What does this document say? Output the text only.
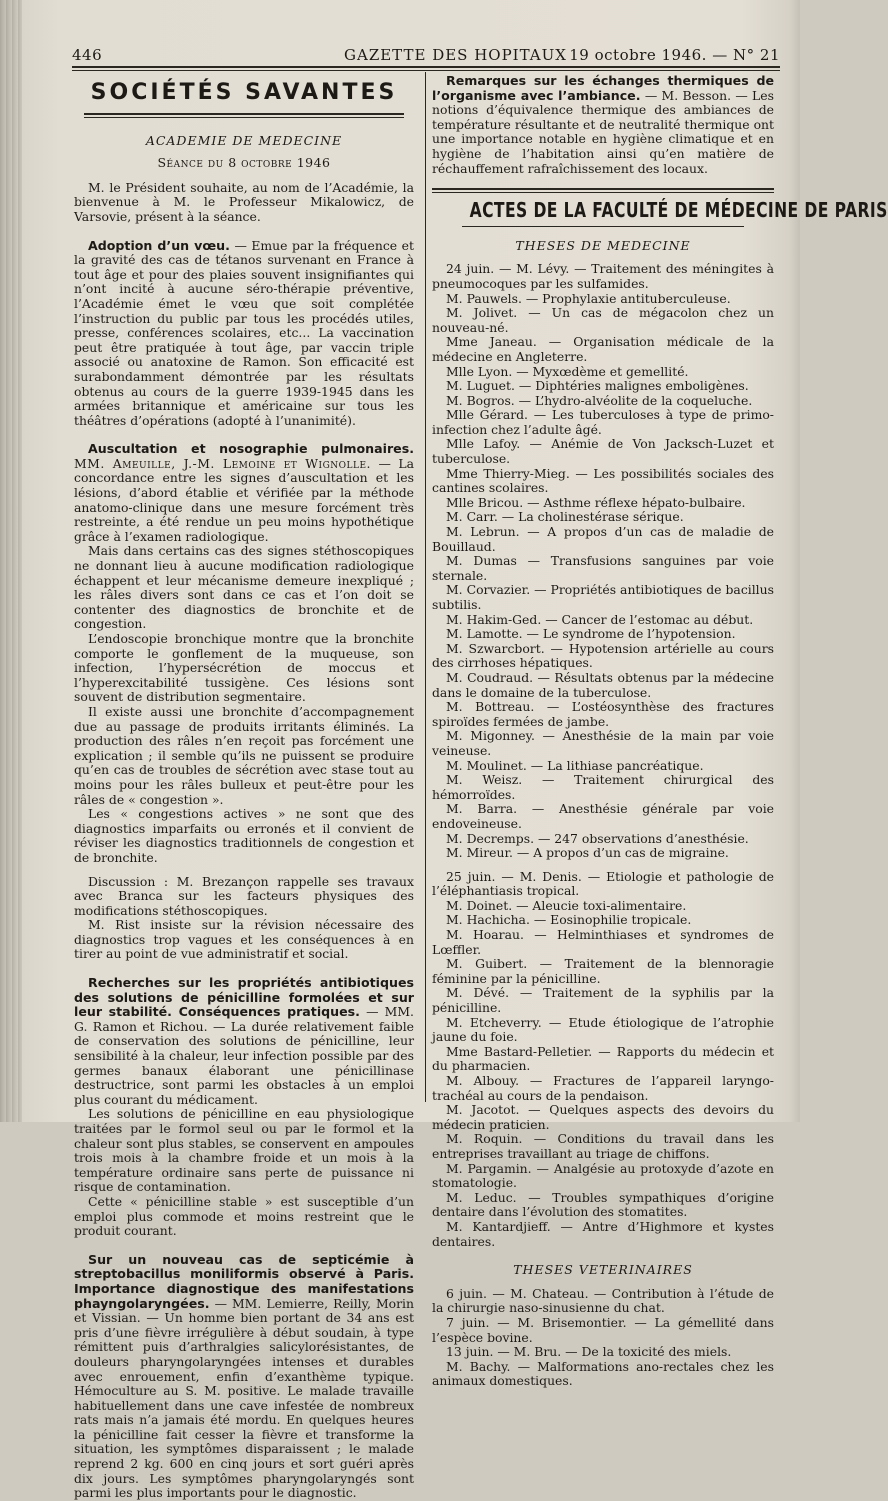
446	GAZETTE DES HOPITAUX 19 octobre 1946. — N° 21
SOCIÉTÉS SAVANTES
ACADEMIE DE MEDECINE
Séance du 8 octobre 1946

M. le Président souhaite, au nom de l’Académie, la bienvenue à M. le Professeur Mikalowicz, de Varsovie, présent à la séance.

Adoption d’un vœu. — Emue par la fréquence et la gravité des cas de tétanos survenant en France à tout âge et pour des plaies souvent insignifiantes qui n’ont incité à aucune séro-thérapie préventive, l’Académie émet le vœu que soit complétée l’instruction du public par tous les procédés utiles, presse, conférences scolaires, etc... La vaccination peut être pratiquée à tout âge, par vaccin triple associé ou anatoxine de Ramon. Son efficacité est surabondamment démontrée par les résultats obtenus au cours de la guerre 1939-1945 dans les armées britannique et américaine sur tous les théâtres d’opérations (adopté à l’unanimité).

Auscultation et nosographie pulmonaires. MM. Ameuille, J.-M. Lemoine et Wignolle. — La concordance entre les signes d’auscultation et les lésions, d’abord établie et vérifiée par la méthode anatomo-clinique dans une mesure forcément très restreinte, a été rendue un peu moins hypothétique grâce à l’examen radiologique.

Mais dans certains cas des signes stéthoscopiques ne donnant lieu à aucune modification radiologique échappent et leur mécanisme demeure inexpliqué ; les râles divers sont dans ce cas et l’on doit se contenter des diagnostics de bronchite et de congestion.

L’endoscopie bronchique montre que la bronchite comporte le gonflement de la muqueuse, son infection, l’hypersécrétion de moccus et l’hyperexcitabilité tussigène. Ces lésions sont souvent de distribution segmentaire.

Il existe aussi une bronchite d’accompagnement due au passage de produits irritants éliminés. La production des râles n’en reçoit pas forcément une explication ; il semble qu’ils ne puissent se produire qu’en cas de troubles de sécrétion avec stase tout au moins pour les râles bulleux et peut-être pour les râles de « congestion ».

Les « congestions actives » ne sont que des diagnostics imparfaits ou erronés et il convient de réviser les diagnostics traditionnels de congestion et de bronchite.

Discussion : M. Brezançon rappelle ses travaux avec Branca sur les facteurs physiques des modifications stéthoscopiques.

M. Rist insiste sur la révision nécessaire des diagnostics trop vagues et les conséquences à en tirer au point de vue administratif et social.

Recherches sur les propriétés antibiotiques des solutions de pénicilline formolées et sur leur stabilité. Conséquences pratiques. — MM. G. Ramon et Richou. — La durée relativement faible de conservation des solutions de pénicilline, leur sensibilité à la chaleur, leur infection possible par des germes banaux élaborant une pénicillinase destructrice, sont parmi les obstacles à un emploi plus courant du médicament.

Les solutions de pénicilline en eau physiologique traitées par le formol seul ou par le formol et la chaleur sont plus stables, se conservent en ampoules trois mois à la chambre froide et un mois à la température ordinaire sans perte de puissance ni risque de contamination.

Cette « pénicilline stable » est susceptible d’un emploi plus commode et moins restreint que le produit courant.

Sur un nouveau cas de septicémie à streptobacillus moniliformis observé à Paris. Importance diagnostique des manifestations phayngolaryngées. — MM. Lemierre, Reilly, Morin et Vissian. — Un homme bien portant de 34 ans est pris d’une fièvre irrégulière à début soudain, à type rémittent puis d’arthralgies salicylorésistantes, de douleurs pharyngolaryngées intenses et durables avec enrouement, enfin d’exanthème typique. Hémoculture au S. M. positive. Le malade travaille habituellement dans une cave infestée de nombreux rats mais n’a jamais été mordu. En quelques heures la pénicilline fait cesser la fièvre et transforme la situation, les symptômes disparaissent ; le malade reprend 2 kg. 600 en cinq jours et sort guéri après dix jours. Les symptômes pharyngolaryngés sont parmi les plus importants pour le diagnostic.

Remarques sur les échanges thermiques de l’organisme avec l’ambiance. — M. Besson. — Les notions d’équivalence thermique des ambiances de température résultante et de neutralité thermique ont une importance notable en hygiène climatique et en hygiène de l’habitation ainsi qu’en matière de réchauffement rafraîchissement des locaux.

ACTES DE LA FACULTÉ DE MÉDECINE DE PARIS
THESES DE MEDECINE

24 juin. — M. Lévy. — Traitement des méningites à pneumocoques par les sulfamides.

M. Pauwels. — Prophylaxie antituberculeuse.

M. Jolivet. — Un cas de mégacolon chez un nouveau-né.

Mme Janeau. — Organisation médicale de la médecine en Angleterre.

Mlle Lyon. — Myxœdème et gemellité.

M. Luguet. — Diphtéries malignes emboligènes.

M. Bogros. — L’hydro-alvéolite de la coqueluche.

Mlle Gérard. — Les tuberculoses à type de primo-infection chez l’adulte âgé.

Mlle Lafoy. — Anémie de Von Jacksch-Luzet et tuberculose.

Mme Thierry-Mieg. — Les possibilités sociales des cantines scolaires.

Mlle Bricou. — Asthme réflexe hépato-bulbaire.

M. Carr. — La cholinestérase sérique.

M. Lebrun. — A propos d’un cas de maladie de Bouillaud.

M. Dumas — Transfusions sanguines par voie sternale.

M. Corvazier. — Propriétés antibiotiques de bacillus subtilis.

M. Hakim-Ged. — Cancer de l’estomac au début.

M. Lamotte. — Le syndrome de l’hypotension.

M. Szwarcbort. — Hypotension artérielle au cours des cirrhoses hépatiques.

M. Coudraud. — Résultats obtenus par la médecine dans le domaine de la tuberculose.

M. Bottreau. — L’ostéosynthèse des fractures spiroïdes fermées de jambe.

M. Migonney. — Anesthésie de la main par voie veineuse.

M. Moulinet. — La lithiase pancréatique.

M. Weisz. — Traitement chirurgical des hémorroïdes.

M. Barra. — Anesthésie générale par voie endoveineuse.

M. Decremps. — 247 observations d’anesthésie.

M. Mireur. — A propos d’un cas de migraine.

25 juin. — M. Denis. — Etiologie et pathologie de l’éléphantiasis tropical.

M. Doinet. — Aleucie toxi-alimentaire.

M. Hachicha. — Eosinophilie tropicale.

M. Hoarau. — Helminthiases et syndromes de Lœffler.

M. Guibert. — Traitement de la blennoragie féminine par la pénicilline.

M. Dévé. — Traitement de la syphilis par la pénicilline.

M. Etcheverry. — Etude étiologique de l’atrophie jaune du foie.

Mme Bastard-Pelletier. — Rapports du médecin et du pharmacien.

M. Albouy. — Fractures de l’appareil laryngo-trachéal au cours de la pendaison.

M. Jacotot. — Quelques aspects des devoirs du médecin praticien.

M. Roquin. — Conditions du travail dans les entreprises travaillant au triage de chiffons.

M. Pargamin. — Analgésie au protoxyde d’azote en stomatologie.

M. Leduc. — Troubles sympathiques d’origine dentaire dans l’évolution des stomatites.

M. Kantardjieff. — Antre d’Highmore et kystes dentaires.

THESES VETERINAIRES

6 juin. — M. Chateau. — Contribution à l’étude de la chirurgie naso-sinusienne du chat.

7 juin. — M. Brisemontier. — La gémellité dans l’espèce bovine.

13 juin. — M. Bru. — De la toxicité des miels.

M. Bachy. — Malformations ano-rectales chez les animaux domestiques.
